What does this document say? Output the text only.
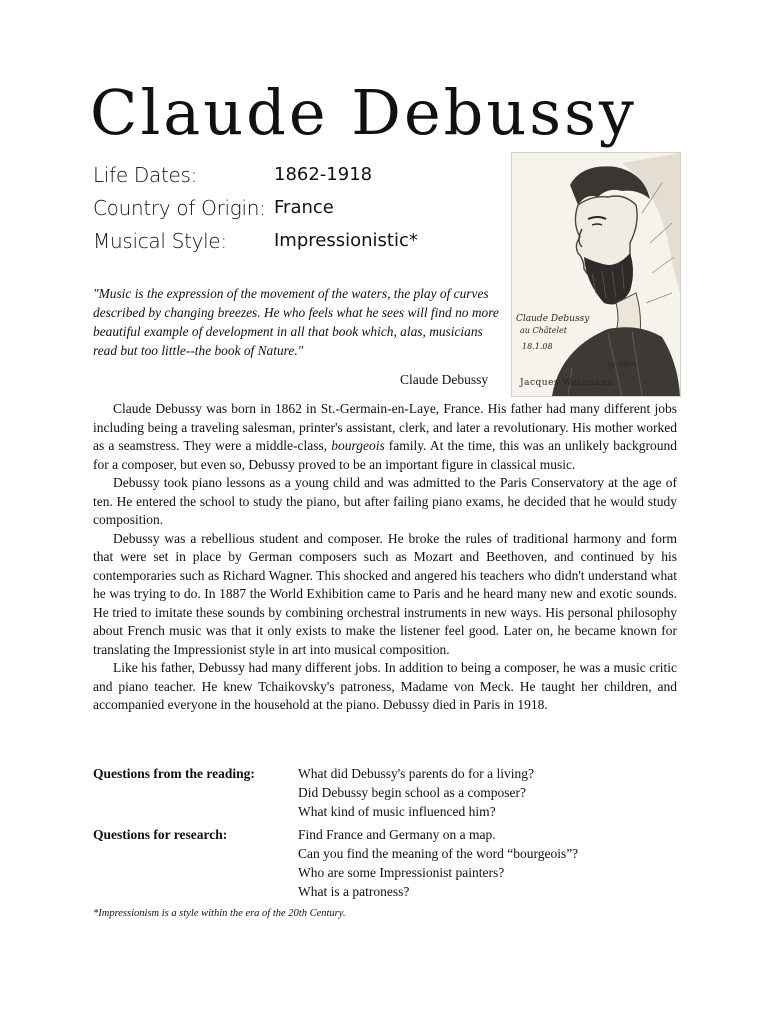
Claude Debussy
Life Dates:	1862-1918
Country of Origin: France
Musical Style:	Impressionistic*
Claude Debussy
au Châtelet
18.1.08
la Mer
Jacques Weismann
"Music is the expression of the movement of the waters, the play of curves described by changing breezes. He who feels what he sees will find no more beautiful example of development in all that book which, alas, musicians read but too little--the book of Nature."
Claude Debussy

Claude Debussy was born in 1862 in St.-Germain-en-Laye, France. His father had many different jobs including being a traveling salesman, printer's assistant, clerk, and later a revolutionary. His mother worked as a seamstress. They were a middle-class, bourgeois family. At the time, this was an unlikely background for a composer, but even so, Debussy proved to be an important figure in classical music.

Debussy took piano lessons as a young child and was admitted to the Paris Conservatory at the age of ten. He entered the school to study the piano, but after failing piano exams, he decided that he would study composition.

Debussy was a rebellious student and composer. He broke the rules of traditional harmony and form that were set in place by German composers such as Mozart and Beethoven, and continued by his contemporaries such as Richard Wagner. This shocked and angered his teachers who didn't understand what he was trying to do. In 1887 the World Exhibition came to Paris and he heard many new and exotic sounds. He tried to imitate these sounds by combining orchestral instruments in new ways. His personal philosophy about French music was that it only exists to make the listener feel good. Later on, he became known for translating the Impressionist style in art into musical composition.

Like his father, Debussy had many different jobs. In addition to being a composer, he was a music critic and piano teacher. He knew Tchaikovsky's patroness, Madame von Meck. He taught her children, and accompanied everyone in the household at the piano. Debussy died in Paris in 1918.

Questions from the reading:	What did Debussy's parents do for a living?
Did Debussy begin school as a composer?
What kind of music influenced him?
Questions for research:	Find France and Germany on a map.
Can you find the meaning of the word “bourgeois”?
Who are some Impressionist painters?
What is a patroness?
*Impressionism is a style within the era of the 20th Century.
